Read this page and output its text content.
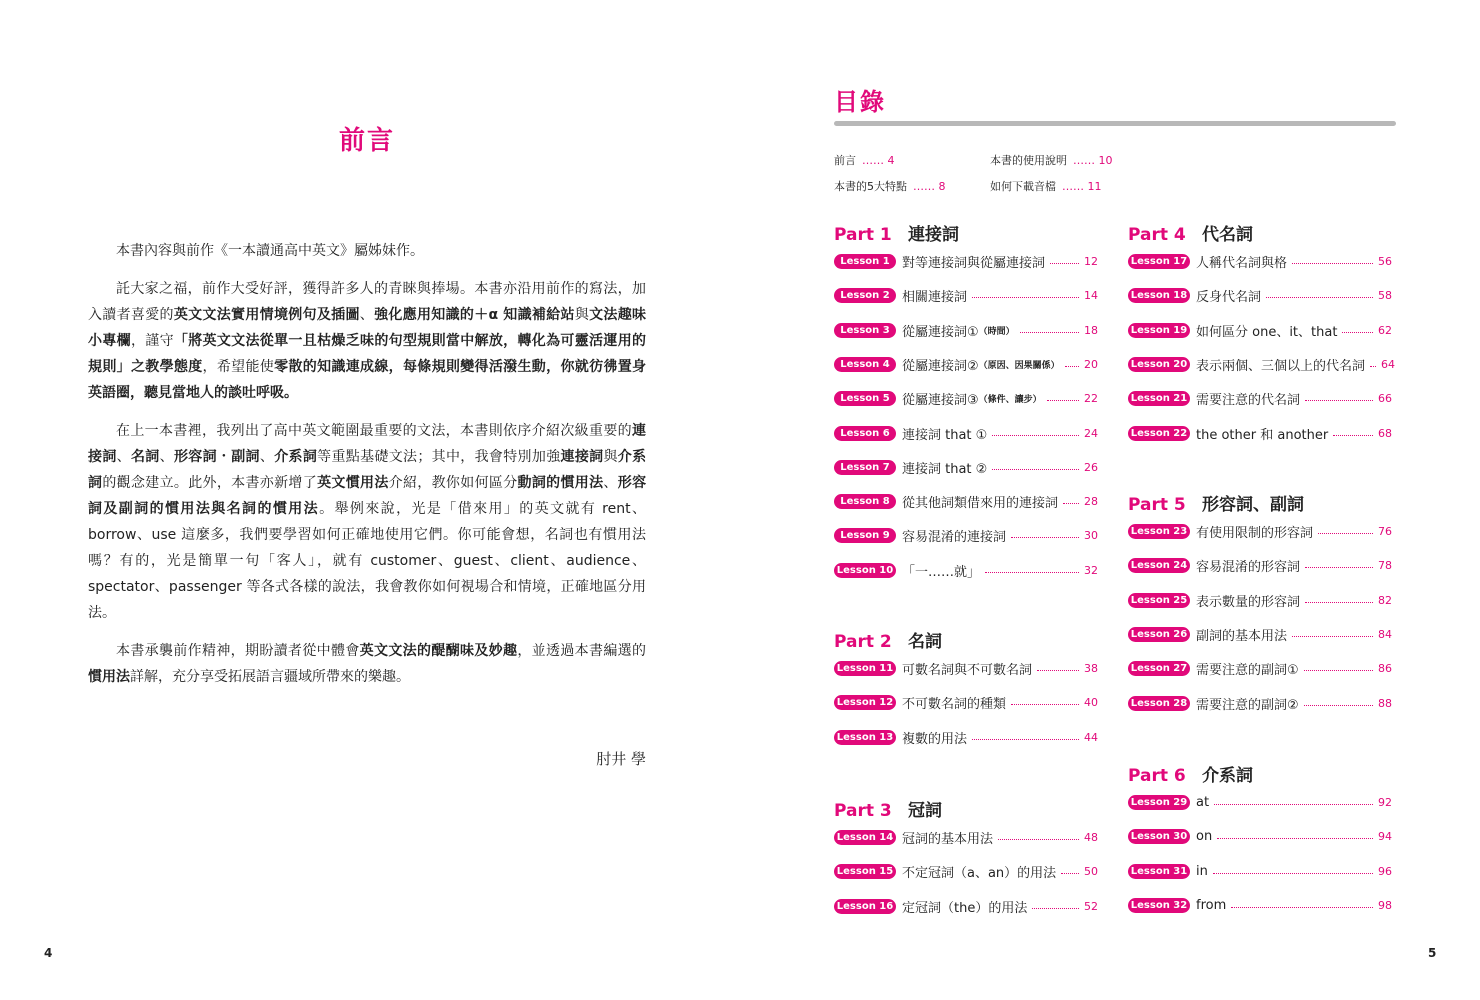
前言

本書內容與前作《一本讀通高中英文》屬姊妹作。

託大家之福，前作大受好評，獲得許多人的青睞與捧場。本書亦沿用前作的寫法，加入讀者喜愛的英文文法實用情境例句及插圖、強化應用知識的＋α 知識補給站與文法趣味小專欄，謹守「將英文文法從單一且枯燥乏味的句型規則當中解放，轉化為可靈活運用的規則」之教學態度，希望能使零散的知識連成線，每條規則變得活潑生動，你就彷彿置身英語圈，聽見當地人的談吐呼吸。

在上一本書裡，我列出了高中英文範圍最重要的文法，本書則依序介紹次級重要的連接詞、名詞、形容詞・副詞、介系詞等重點基礎文法；其中，我會特別加強連接詞與介系詞的觀念建立。此外，本書亦新增了英文慣用法介紹，教你如何區分動詞的慣用法、形容詞及副詞的慣用法與名詞的慣用法。舉例來說，光是「借來用」的英文就有 rent、borrow、use 這麼多，我們要學習如何正確地使用它們。你可能會想，名詞也有慣用法嗎？有的，光是簡單一句「客人」，就有 customer、guest、client、audience、spectator、passenger 等各式各樣的說法，我會教你如何視場合和情境，正確地區分用法。

本書承襲前作精神，期盼讀者從中體會英文文法的醍醐味及妙趣，並透過本書編選的慣用法詳解，充分享受拓展語言疆域所帶來的樂趣。

肘井 學
4
目錄
前言 …… 4	本書的使用說明 …… 10
本書的5大特點 …… 8	如何下載音檔 …… 11
5
Part 1 連接詞
Lesson 1 對等連接詞與從屬連接詞	12
Lesson 2 相關連接詞	14
Lesson 3 從屬連接詞① （時間）	18
Lesson 4 從屬連接詞② （原因、因果關係） 20
Lesson 5 從屬連接詞③ （條件、讓步）	22
Lesson 6 連接詞 that ①	24
Lesson 7 連接詞 that ②	26
Lesson 8 從其他詞類借來用的連接詞 28
Lesson 9 容易混淆的連接詞	30
Lesson 10 「一……就」	32
Part 2 名詞
Lesson 11 可數名詞與不可數名詞	38
Lesson 12 不可數名詞的種類	40
Lesson 13 複數的用法	44
Part 3 冠詞
Lesson 14 冠詞的基本用法	48
Lesson 15 不定冠詞（a、an）的用法	50
Lesson 16 定冠詞（the）的用法	52
Part 4 代名詞
Lesson 17 人稱代名詞與格	56
Lesson 18 反身代名詞	58
Lesson 19 如何區分 one、it、that	62
Lesson 20 表示兩個、三個以上的代名詞 64
Lesson 21 需要注意的代名詞	66
Lesson 22 the other 和 another	68
Part 5 形容詞、副詞
Lesson 23 有使用限制的形容詞	76
Lesson 24 容易混淆的形容詞	78
Lesson 25 表示數量的形容詞	82
Lesson 26 副詞的基本用法	84
Lesson 27 需要注意的副詞①	86
Lesson 28 需要注意的副詞②	88
Part 6 介系詞
Lesson 29 at	92
Lesson 30 on	94
Lesson 31 in	96
Lesson 32 from	98
